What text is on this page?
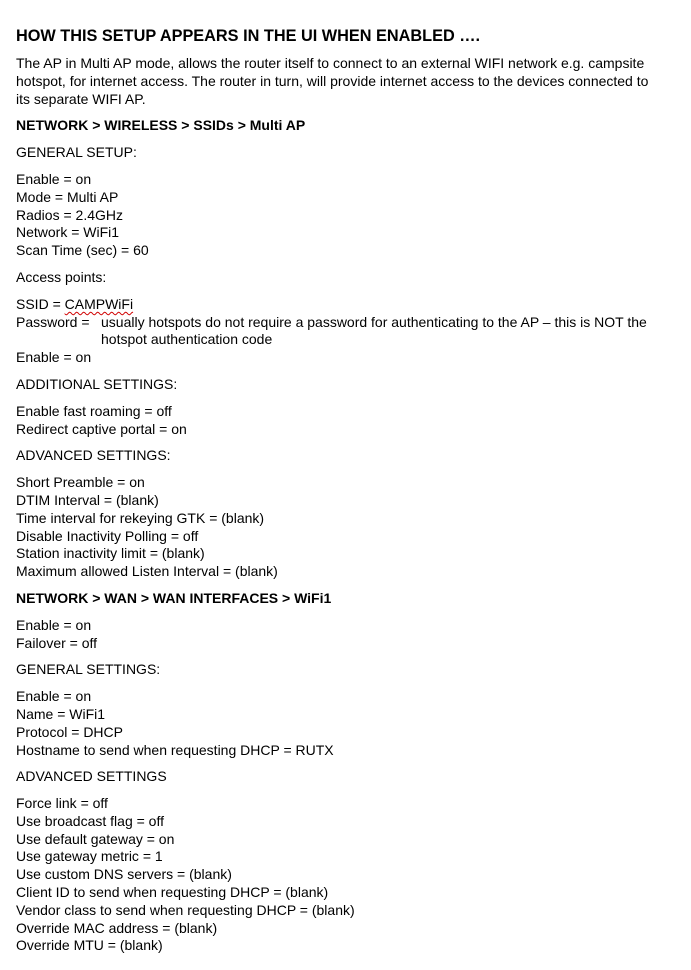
HOW THIS SETUP APPEARS IN THE UI WHEN ENABLED ….
The AP in Multi AP mode, allows the router itself to connect to an external WIFI network e.g. campsite hotspot, for internet access. The router in turn, will provide internet access to the devices connected to its separate WIFI AP.
NETWORK > WIRELESS > SSIDs > Multi AP
GENERAL SETUP:
Enable = on
Mode = Multi AP
Radios = 2.4GHz
Network = WiFi1
Scan Time (sec) = 60
Access points:
SSID = CAMPWiFi
Password = usually hotspots do not require a password for authenticating to the AP – this is NOT the hotspot authentication code
Enable = on
ADDITIONAL SETTINGS:
Enable fast roaming = off
Redirect captive portal = on
ADVANCED SETTINGS:
Short Preamble = on
DTIM Interval = (blank)
Time interval for rekeying GTK = (blank)
Disable Inactivity Polling = off
Station inactivity limit = (blank)
Maximum allowed Listen Interval = (blank)
NETWORK > WAN > WAN INTERFACES > WiFi1
Enable = on
Failover = off
GENERAL SETTINGS:
Enable = on
Name = WiFi1
Protocol = DHCP
Hostname to send when requesting DHCP = RUTX
ADVANCED SETTINGS
Force link = off
Use broadcast flag = off
Use default gateway = on
Use gateway metric = 1
Use custom DNS servers = (blank)
Client ID to send when requesting DHCP = (blank)
Vendor class to send when requesting DHCP = (blank)
Override MAC address = (blank)
Override MTU = (blank)
